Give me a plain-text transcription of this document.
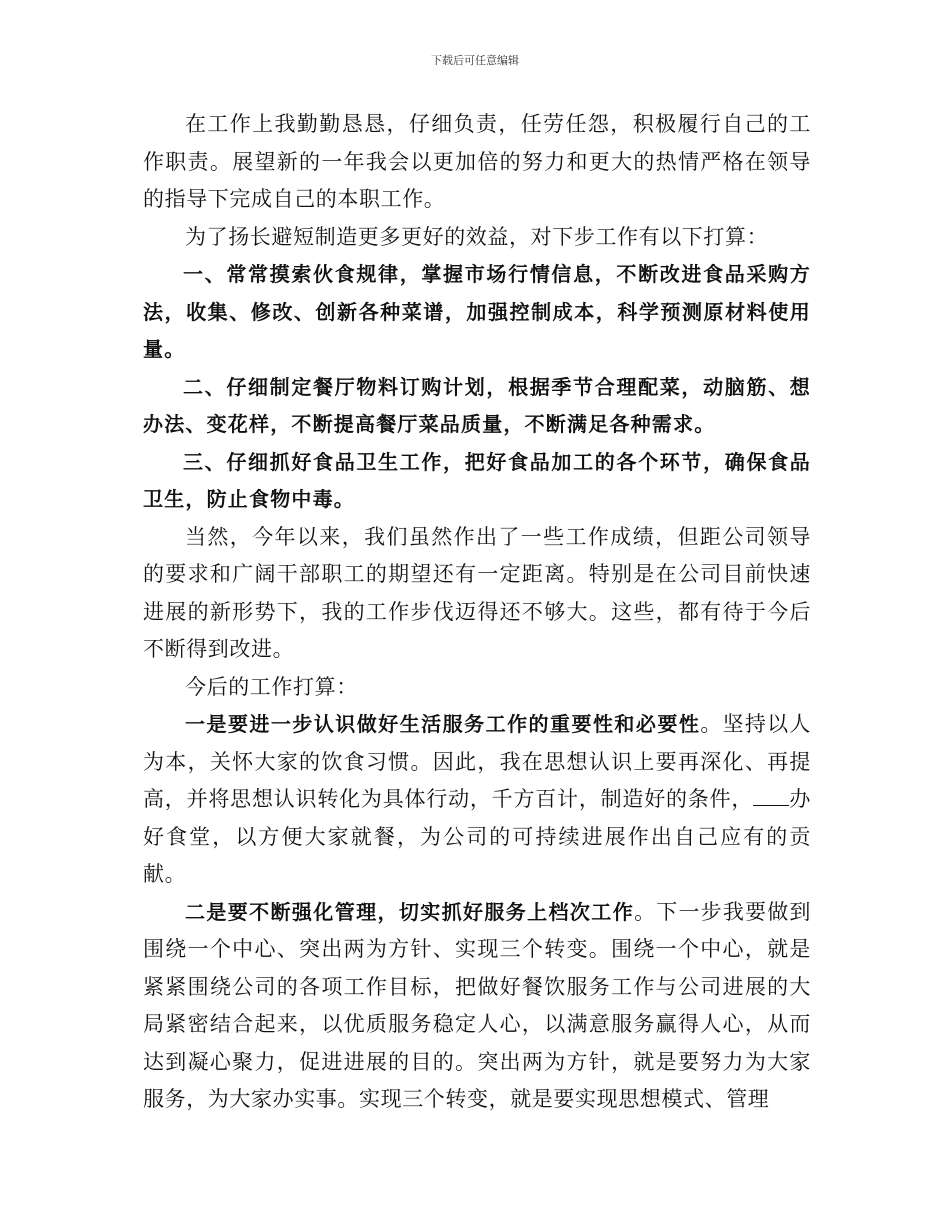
下载后可任意编辑

在工作上我勤勤恳恳，仔细负责，任劳任怨，积极履行自己的工作职责。展望新的一年我会以更加倍的努力和更大的热情严格在领导的指导下完成自己的本职工作。

为了扬长避短制造更多更好的效益，对下步工作有以下打算：

一、常常摸索伙食规律，掌握市场行情信息，不断改进食品采购方法，收集、修改、创新各种菜谱，加强控制成本，科学预测原材料使用量。

二、仔细制定餐厅物料订购计划，根据季节合理配菜，动脑筋、想办法、变花样，不断提高餐厅菜品质量，不断满足各种需求。

三、仔细抓好食品卫生工作，把好食品加工的各个环节，确保食品卫生，防止食物中毒。

当然，今年以来，我们虽然作出了一些工作成绩，但距公司领导的要求和广阔干部职工的期望还有一定距离。特别是在公司目前快速进展的新形势下，我的工作步伐迈得还不够大。这些，都有待于今后不断得到改进。

今后的工作打算：

一是要进一步认识做好生活服务工作的重要性和必要性。坚持以人为本，关怀大家的饮食习惯。因此，我在思想认识上要再深化、再提高，并将思想认识转化为具体行动，千方百计，制造好的条件， 办好食堂，以方便大家就餐，为公司的可持续进展作出自己应有的贡献。

二是要不断强化管理，切实抓好服务上档次工作。下一步我要做到围绕一个中心、突出两为方针、实现三个转变。围绕一个中心，就是紧紧围绕公司的各项工作目标，把做好餐饮服务工作与公司进展的大局紧密结合起来，以优质服务稳定人心，以满意服务赢得人心，从而达到凝心聚力，促进进展的目的。突出两为方针，就是要努力为大家服务，为大家办实事。实现三个转变，就是要实现思想模式、管理
